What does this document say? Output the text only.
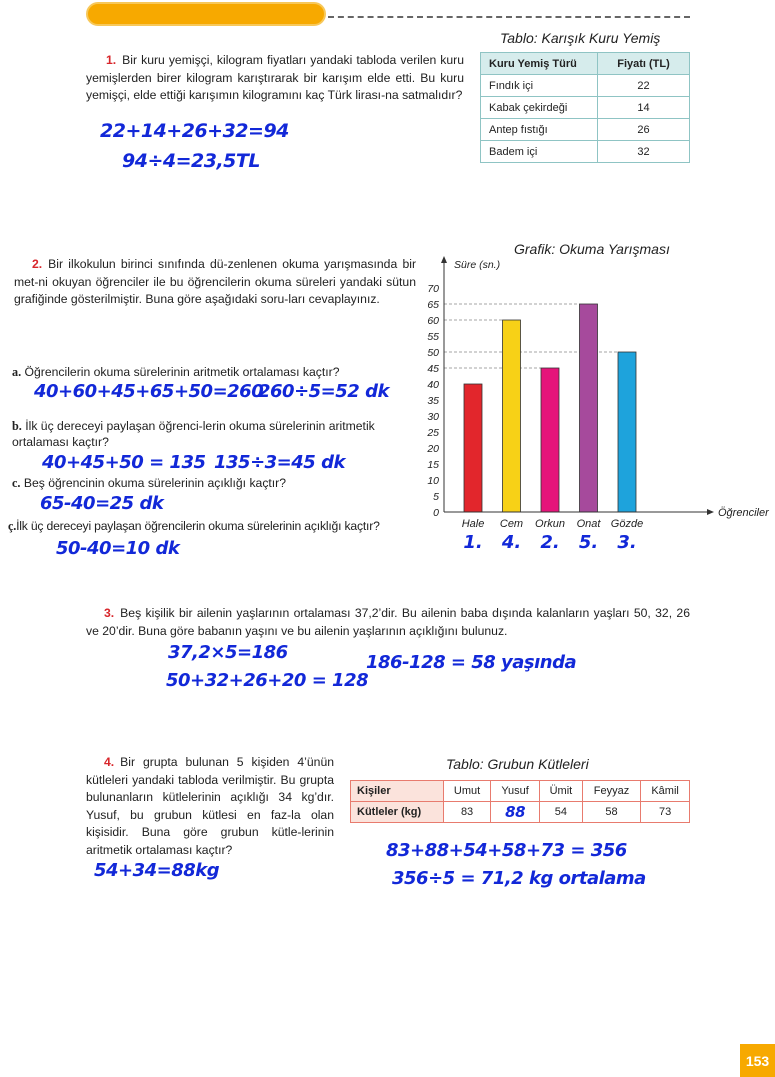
1. Bir kuru yemişçi, kilogram fiyatları yandaki tabloda verilen kuru yemişlerden birer kilogram karıştırarak bir karışım elde etti. Bu kuru yemişçi, elde ettiği karışımın kilogramını kaç Türk lirası-na satmalıdır?
22+14+26+32=94
94÷4=23,5TL
Tablo: Karışık Kuru Yemiş
Kuru Yemiş Türü	Fiyatı (TL)
Fındık içi	22
Kabak çekirdeği	14
Antep fıstığı	26
Badem içi	32
2. Bir ilkokulun birinci sınıfında dü-zenlenen okuma yarışmasında bir met-ni okuyan öğrenciler ile bu öğrencilerin okuma süreleri yandaki sütun grafiğinde gösterilmiştir. Buna göre aşağıdaki soru-ları cevaplayınız.
a. Öğrencilerin okuma sürelerinin aritmetik ortalaması kaçtır?
40+60+45+65+50=260
260÷5=52 dk
b. İlk üç dereceyi paylaşan öğrenci-lerin okuma sürelerinin aritmetik ortalaması kaçtır?
40+45+50 = 135 135÷3=45 dk
c. Beş öğrencinin okuma sürelerinin açıklığı kaçtır?
65-40=25 dk
ç.İlk üç dereceyi paylaşan öğrencilerin okuma sürelerinin açıklığı kaçtır?
50-40=10 dk
Grafik: Okuma Yarışması
Süre (sn.)
Öğrenciler
0
5
10
15
20
25
30
35
40
45
50
55
60
65
70
Hale Cem Orkun Onat Gözde
1. 4. 2. 5. 3.
3. Beş kişilik bir ailenin yaşlarının ortalaması 37,2’dir. Bu ailenin baba dışında kalanların yaşları 50, 32, 26 ve 20’dir. Buna göre babanın yaşını ve bu ailenin yaşlarının açıklığını bulunuz.
37,2×5=186
50+32+26+20 = 128
186-128 = 58 yaşında
4. Bir grupta bulunan 5 kişiden 4’ünün kütleleri yandaki tabloda verilmiştir. Bu grupta bulunanların kütlelerinin açıklığı 34 kg’dır. Yusuf, bu grubun kütlesi en faz-la olan kişisidir. Buna göre grubun kütle-lerinin aritmetik ortalaması kaçtır?
54+34=88kg
Tablo: Grubun Kütleleri
Kişiler	Umut	Yusuf	Ümit	Feyyaz	Kâmil
Kütleler (kg)	83	88	54	58	73
83+88+54+58+73 = 356
356÷5 = 71,2 kg ortalama
153
